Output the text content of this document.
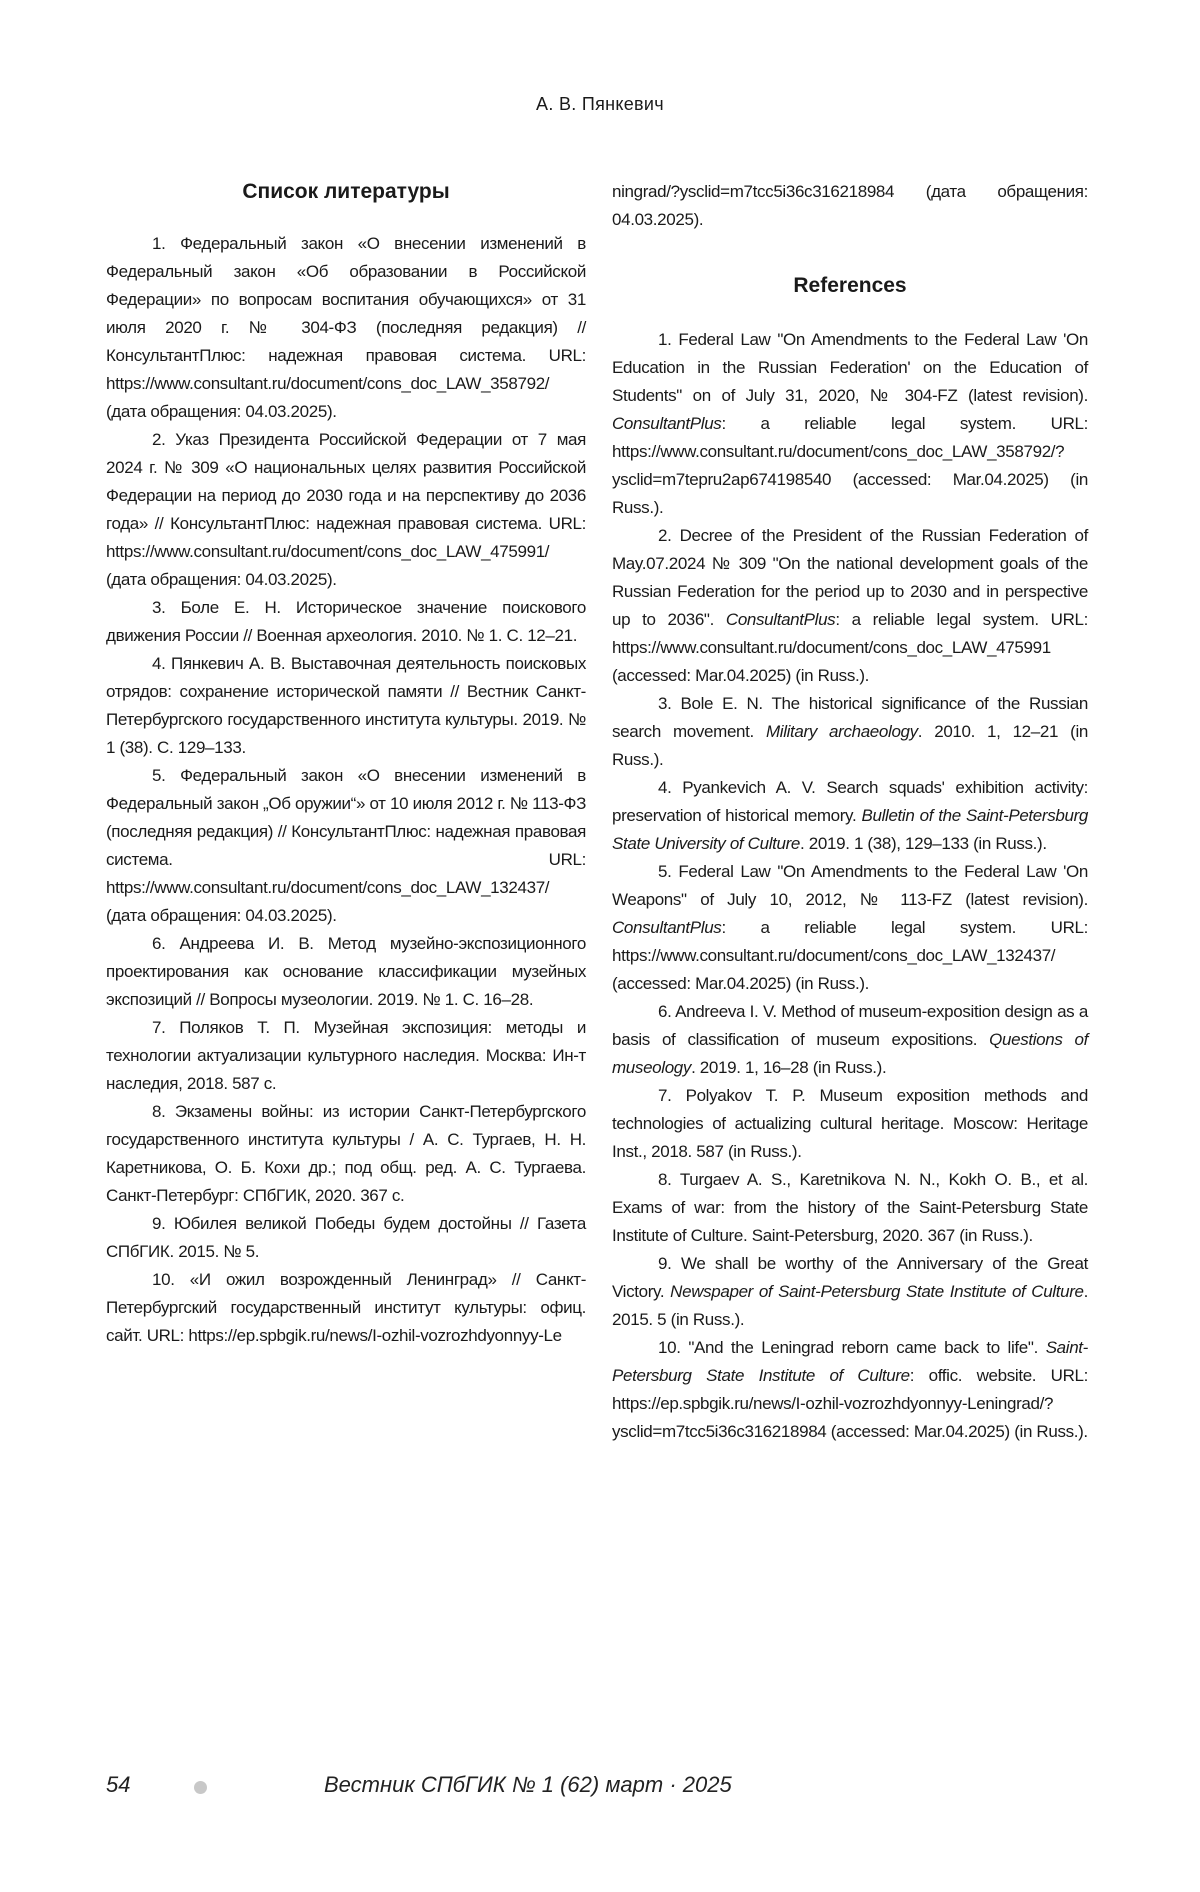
А. В. Пянкевич
Список литературы

1. Федеральный закон «О внесении изменений в Федеральный закон «Об образовании в Российской Федерации» по вопросам воспитания обучающихся» от 31 июля 2020 г. № 304-ФЗ (последняя редакция) // КонсультантПлюс: надежная правовая система. URL: https://www.consultant.ru/document/cons_doc_LAW_358792/ (дата обращения: 04.03.2025).

2. Указ Президента Российской Федерации от 7 мая 2024 г. № 309 «О национальных целях развития Российской Федерации на период до 2030 года и на перспективу до 2036 года» // КонсультантПлюс: надежная правовая система. URL: https://www.consultant.ru/document/cons_doc_LAW_475991/ (дата обращения: 04.03.2025).

3. Боле Е. Н. Историческое значение поискового движения России // Военная археология. 2010. № 1. С. 12–21.

4. Пянкевич А. В. Выставочная деятельность поисковых отрядов: сохранение исторической памяти // Вестник Санкт-Петербургского государственного института культуры. 2019. № 1 (38). С. 129–133.

5. Федеральный закон «О внесении изменений в Федеральный закон „Об оружии“» от 10 июля 2012 г. № 113-ФЗ (последняя редакция) // КонсультантПлюс: надежная правовая система. URL: https://www.consultant.ru/document/cons_doc_LAW_132437/ (дата обращения: 04.03.2025).

6. Андреева И. В. Метод музейно-экспозиционного проектирования как основание классификации музейных экспозиций // Вопросы музеологии. 2019. № 1. С. 16–28.

7. Поляков Т. П. Музейная экспозиция: методы и технологии актуализации культурного наследия. Москва: Ин-т наследия, 2018. 587 с.

8. Экзамены войны: из истории Санкт-Петербургского государственного института культуры / А. С. Тургаев, Н. Н. Каретникова, О. Б. Кохи др.; под общ. ред. А. С. Тургаева. Санкт-Петербург: СПбГИК, 2020. 367 с.

9. Юбилея великой Победы будем достойны // Газета СПбГИК. 2015. № 5.

10. «И ожил возрожденный Ленинград» // Санкт-Петербургский государственный институт культуры: офиц. сайт. URL: https://ep.spbgik.ru/news/I-ozhil-vozrozhdyonnyy-Le

ningrad/?ysclid=m7tcc5i36c316218984 (дата обращения: 04.03.2025).

References

1. Federal Law "On Amendments to the Federal Law 'On Education in the Russian Federation' on the Education of Students" on of July 31, 2020, № 304-FZ (latest revision). ConsultantPlus: a reliable legal system. URL: https://www.consultant.ru/document/cons_doc_LAW_358792/?ysclid=m7tepru2ap674198540 (accessed: Mar.04.2025) (in Russ.).

2. Decree of the President of the Russian Federation of May.07.2024 № 309 "On the national development goals of the Russian Federation for the period up to 2030 and in perspective up to 2036". ConsultantPlus: a reliable legal system. URL: https://www.consultant.ru/document/cons_doc_LAW_475991 (accessed: Mar.04.2025) (in Russ.).

3. Bole E. N. The historical significance of the Russian search movement. Military archaeology. 2010. 1, 12–21 (in Russ.).

4. Pyankevich A. V. Search squads' exhibition activity: preservation of historical memory. Bulletin of the Saint-Petersburg State University of Culture. 2019. 1 (38), 129–133 (in Russ.).

5. Federal Law "On Amendments to the Federal Law 'On Weapons" of July 10, 2012, № 113-FZ (latest revision). ConsultantPlus: a reliable legal system. URL: https://www.consultant.ru/document/cons_doc_LAW_132437/ (accessed: Mar.04.2025) (in Russ.).

6. Andreeva I. V. Method of museum-exposition design as a basis of classification of museum expositions. Questions of museology. 2019. 1, 16–28 (in Russ.).

7. Polyakov T. P. Museum exposition methods and technologies of actualizing cultural heritage. Moscow: Heritage Inst., 2018. 587 (in Russ.).

8. Turgaev A. S., Karetnikova N. N., Kokh O. B., et al. Exams of war: from the history of the Saint-Petersburg State Institute of Culture. Saint-Petersburg, 2020. 367 (in Russ.).

9. We shall be worthy of the Anniversary of the Great Victory. Newspaper of Saint-Petersburg State Institute of Culture. 2015. 5 (in Russ.).

10. "And the Leningrad reborn came back to life". Saint-Petersburg State Institute of Culture: offic. website. URL: https://ep.spbgik.ru/news/I-ozhil-vozrozhdyonnyy-Leningrad/?ysclid=m7tcc5i36c316218984 (accessed: Mar.04.2025) (in Russ.).

54	Вестник СПбГИК № 1 (62) март · 2025
